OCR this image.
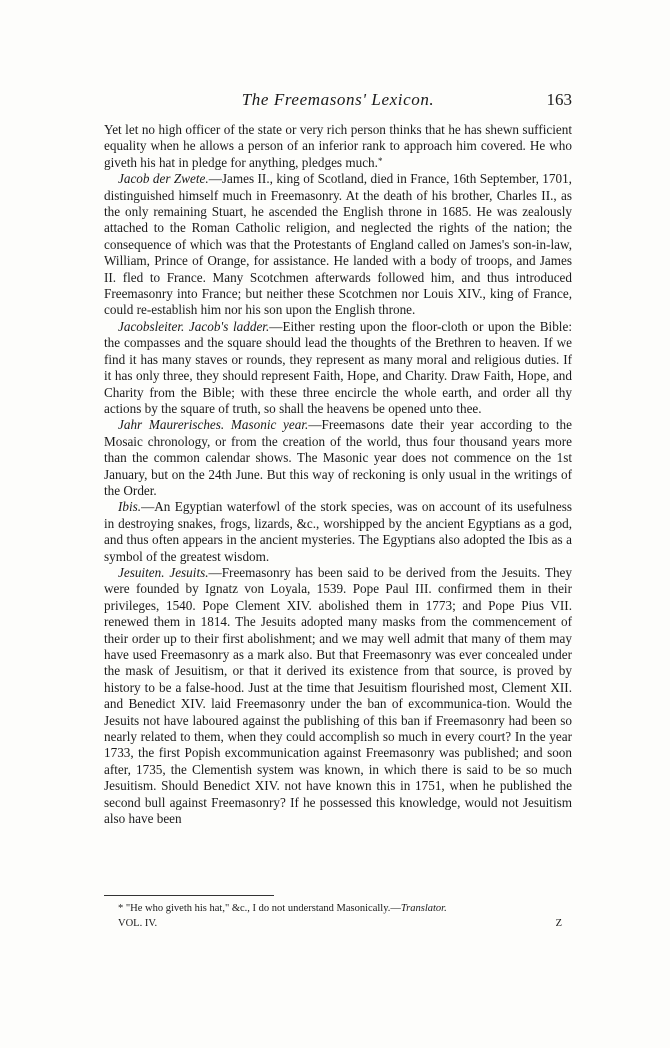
The Freemasons' Lexicon.	163

Yet let no high officer of the state or very rich person thinks that he has shewn sufficient equality when he allows a person of an inferior rank to approach him covered. He who giveth his hat in pledge for anything, pledges much.*

Jacob der Zwete.—James II., king of Scotland, died in France, 16th September, 1701, distinguished himself much in Freemasonry. At the death of his brother, Charles II., as the only remaining Stuart, he ascended the English throne in 1685. He was zealously attached to the Roman Catholic religion, and neglected the rights of the nation; the consequence of which was that the Protestants of England called on James's son-in-law, William, Prince of Orange, for assistance. He landed with a body of troops, and James II. fled to France. Many Scotchmen afterwards followed him, and thus introduced Freemasonry into France; but neither these Scotchmen nor Louis XIV., king of France, could re-establish him nor his son upon the English throne.

Jacobsleiter. Jacob's ladder.—Either resting upon the floor-cloth or upon the Bible: the compasses and the square should lead the thoughts of the Brethren to heaven. If we find it has many staves or rounds, they represent as many moral and religious duties. If it has only three, they should represent Faith, Hope, and Charity. Draw Faith, Hope, and Charity from the Bible; with these three encircle the whole earth, and order all thy actions by the square of truth, so shall the heavens be opened unto thee.

Jahr Maurerisches. Masonic year.—Freemasons date their year according to the Mosaic chronology, or from the creation of the world, thus four thousand years more than the common calendar shows. The Masonic year does not commence on the 1st January, but on the 24th June. But this way of reckoning is only usual in the writings of the Order.

Ibis.—An Egyptian waterfowl of the stork species, was on account of its usefulness in destroying snakes, frogs, lizards, &c., worshipped by the ancient Egyptians as a god, and thus often appears in the ancient mysteries. The Egyptians also adopted the Ibis as a symbol of the greatest wisdom.

Jesuiten. Jesuits.—Freemasonry has been said to be derived from the Jesuits. They were founded by Ignatz von Loyala, 1539. Pope Paul III. confirmed them in their privileges, 1540. Pope Clement XIV. abolished them in 1773; and Pope Pius VII. renewed them in 1814. The Jesuits adopted many masks from the commencement of their order up to their first abolishment; and we may well admit that many of them may have used Freemasonry as a mark also. But that Freemasonry was ever concealed under the mask of Jesuitism, or that it derived its existence from that source, is proved by history to be a false-hood. Just at the time that Jesuitism flourished most, Clement XII. and Benedict XIV. laid Freemasonry under the ban of excommunica-tion. Would the Jesuits not have laboured against the publishing of this ban if Freemasonry had been so nearly related to them, when they could accomplish so much in every court? In the year 1733, the first Popish excommunication against Freemasonry was published; and soon after, 1735, the Clementish system was known, in which there is said to be so much Jesuitism. Should Benedict XIV. not have known this in 1751, when he published the second bull against Freemasonry? If he possessed this knowledge, would not Jesuitism also have been

* "He who giveth his hat," &c., I do not understand Masonically.—Translator.
VOL. IV.	Z
